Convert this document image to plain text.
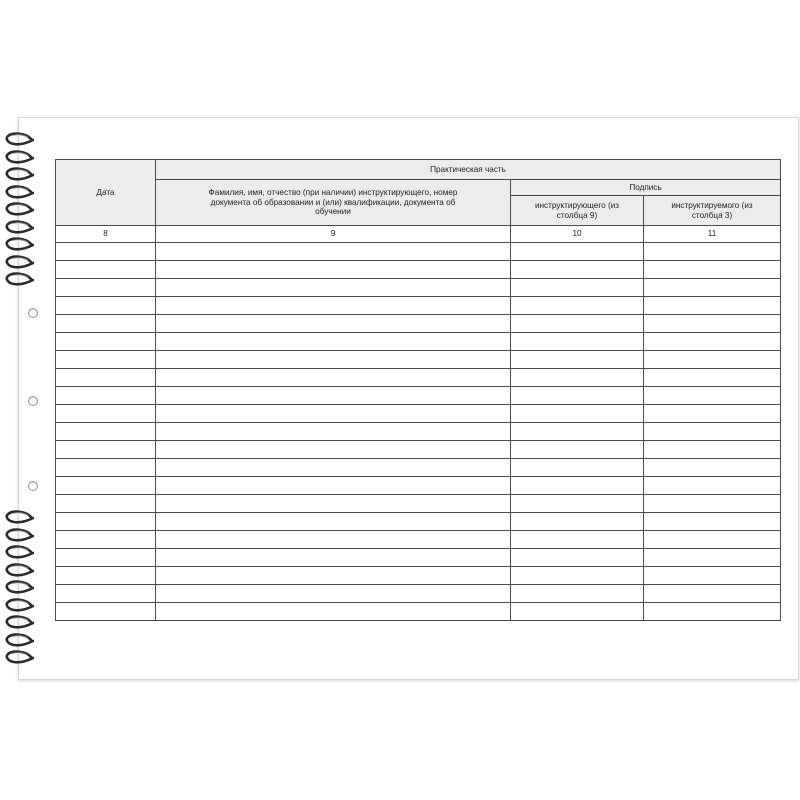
Дата	Практическая часть		
	Фамилия, имя, отчество (при наличии) инструктирующего, номер документа об образовании и (или) квалификации, документа об обучении	Подпись	
		инструктирующего (из столбца 9)	инструктируемого (из столбца 3)
8	9	10	11
